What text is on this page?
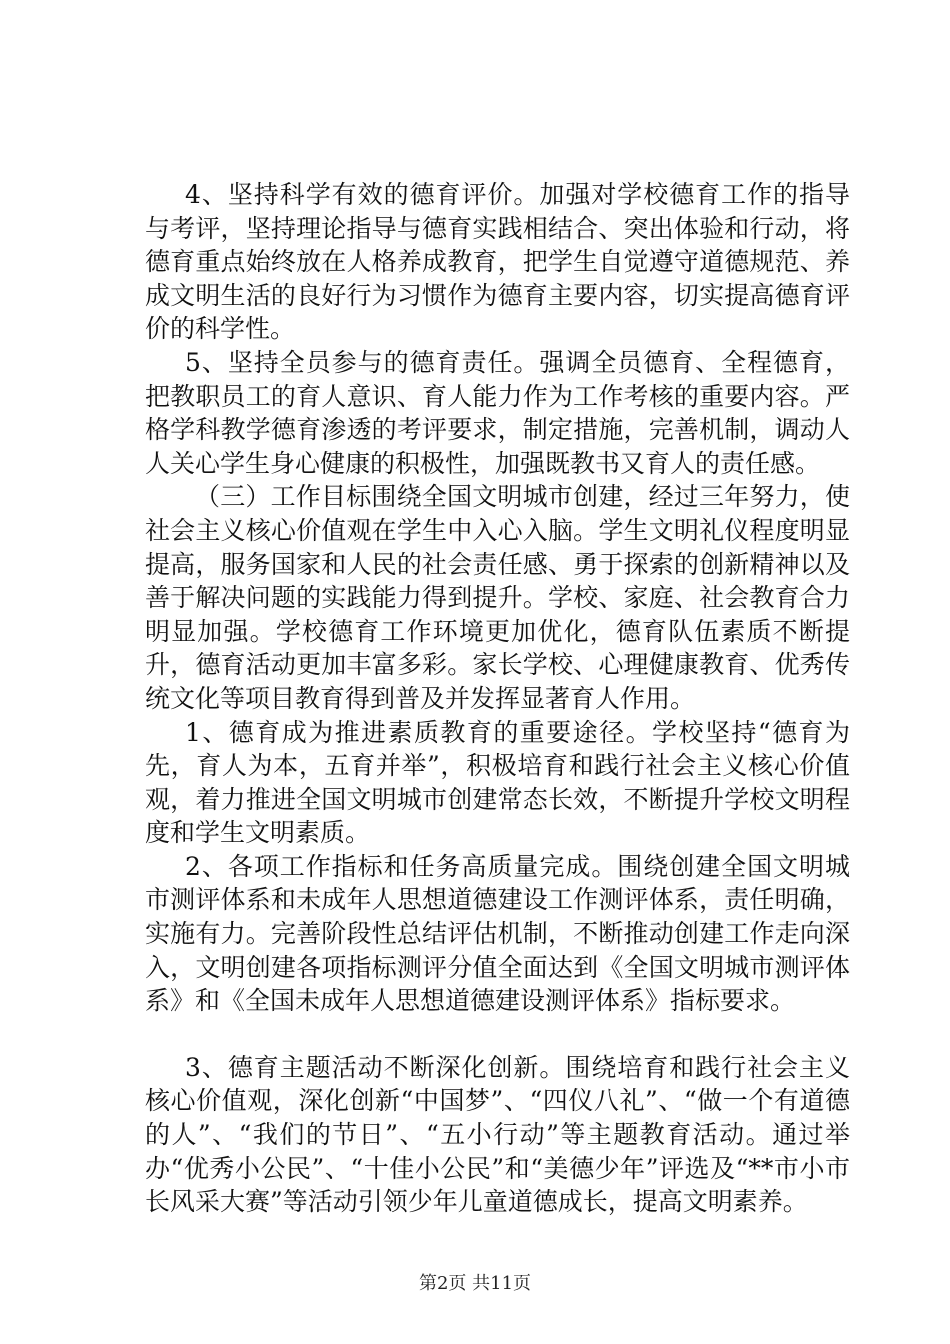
4、坚持科学有效的德育评价。加强对学校德育工作的指导与考评，坚持理论指导与德育实践相结合、突出体验和行动，将德育重点始终放在人格养成教育，把学生自觉遵守道德规范、养成文明生活的良好行为习惯作为德育主要内容，切实提高德育评价的科学性。

5、坚持全员参与的德育责任。强调全员德育、全程德育，把教职员工的育人意识、育人能力作为工作考核的重要内容。严格学科教学德育渗透的考评要求，制定措施，完善机制，调动人人关心学生身心健康的积极性，加强既教书又育人的责任感。

（三）工作目标围绕全国文明城市创建，经过三年努力，使社会主义核心价值观在学生中入心入脑。学生文明礼仪程度明显提高，服务国家和人民的社会责任感、勇于探索的创新精神以及善于解决问题的实践能力得到提升。学校、家庭、社会教育合力明显加强。学校德育工作环境更加优化，德育队伍素质不断提升，德育活动更加丰富多彩。家长学校、心理健康教育、优秀传统文化等项目教育得到普及并发挥显著育人作用。

1、德育成为推进素质教育的重要途径。学校坚持“德育为先，育人为本，五育并举”，积极培育和践行社会主义核心价值观，着力推进全国文明城市创建常态长效，不断提升学校文明程度和学生文明素质。

2、各项工作指标和任务高质量完成。围绕创建全国文明城市测评体系和未成年人思想道德建设工作测评体系，责任明确，实施有力。完善阶段性总结评估机制，不断推动创建工作走向深入，文明创建各项指标测评分值全面达到《全国文明城市测评体系》和《全国未成年人思想道德建设测评体系》指标要求。

3、德育主题活动不断深化创新。围绕培育和践行社会主义核心价值观，深化创新“中国梦”、“四仪八礼”、“做一个有道德的人”、“我们的节日”、“五小行动”等主题教育活动。通过举办“优秀小公民”、“十佳小公民”和“美德少年”评选及“**市小市长风采大赛”等活动引领少年儿童道德成长，提高文明素养。

第2页 共11页
